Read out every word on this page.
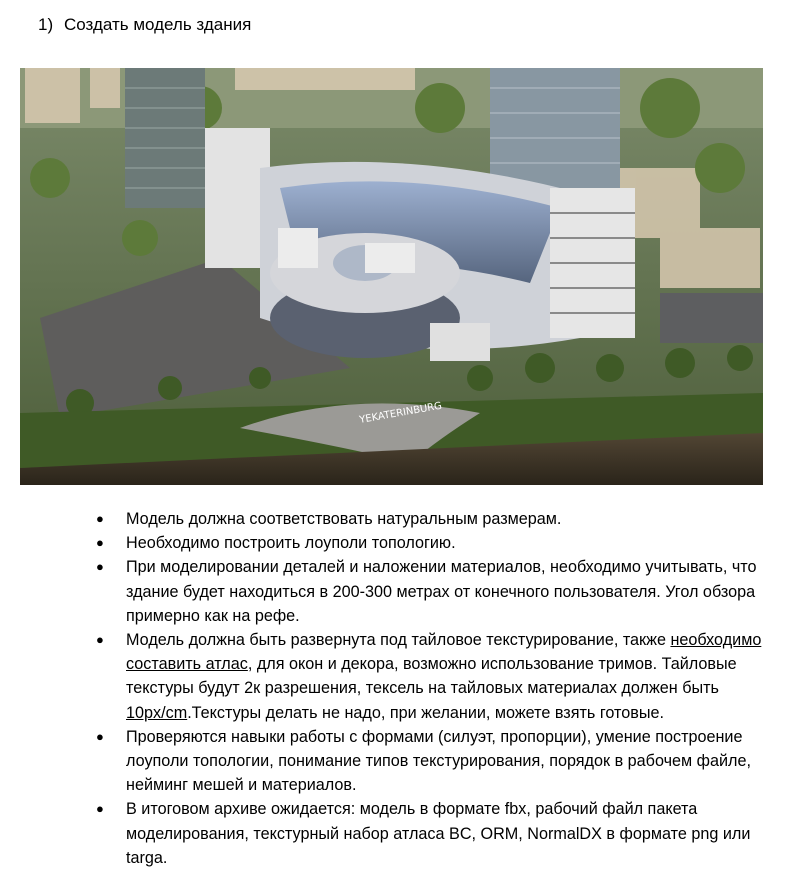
1) Создать модель здания
YEKATERINBURG
● Модель должна соответствовать натуральным размерам.
● Необходимо построить лоуполи топологию.
● При моделировании деталей и наложении материалов, необходимо учитывать, что здание будет находиться в 200-300 метрах от конечного пользователя. Угол обзора примерно как на рефе.
● Модель должна быть развернута под тайловое текстурирование, также необходимо составить атлас, для окон и декора, возможно использование тримов. Тайловые текстуры будут 2к разрешения, тексель на тайловых материалах должен быть 10px/cm.Текстуры делать не надо, при желании, можете взять готовые.
● Проверяются навыки работы с формами (силуэт, пропорции), умение построение лоуполи топологии, понимание типов текстурирования, порядок в рабочем файле, нейминг мешей и материалов.
● В итоговом архиве ожидается: модель в формате fbx, рабочий файл пакета моделирования, текстурный набор атласа BC, ORM, NormalDX в формате png или targa.
